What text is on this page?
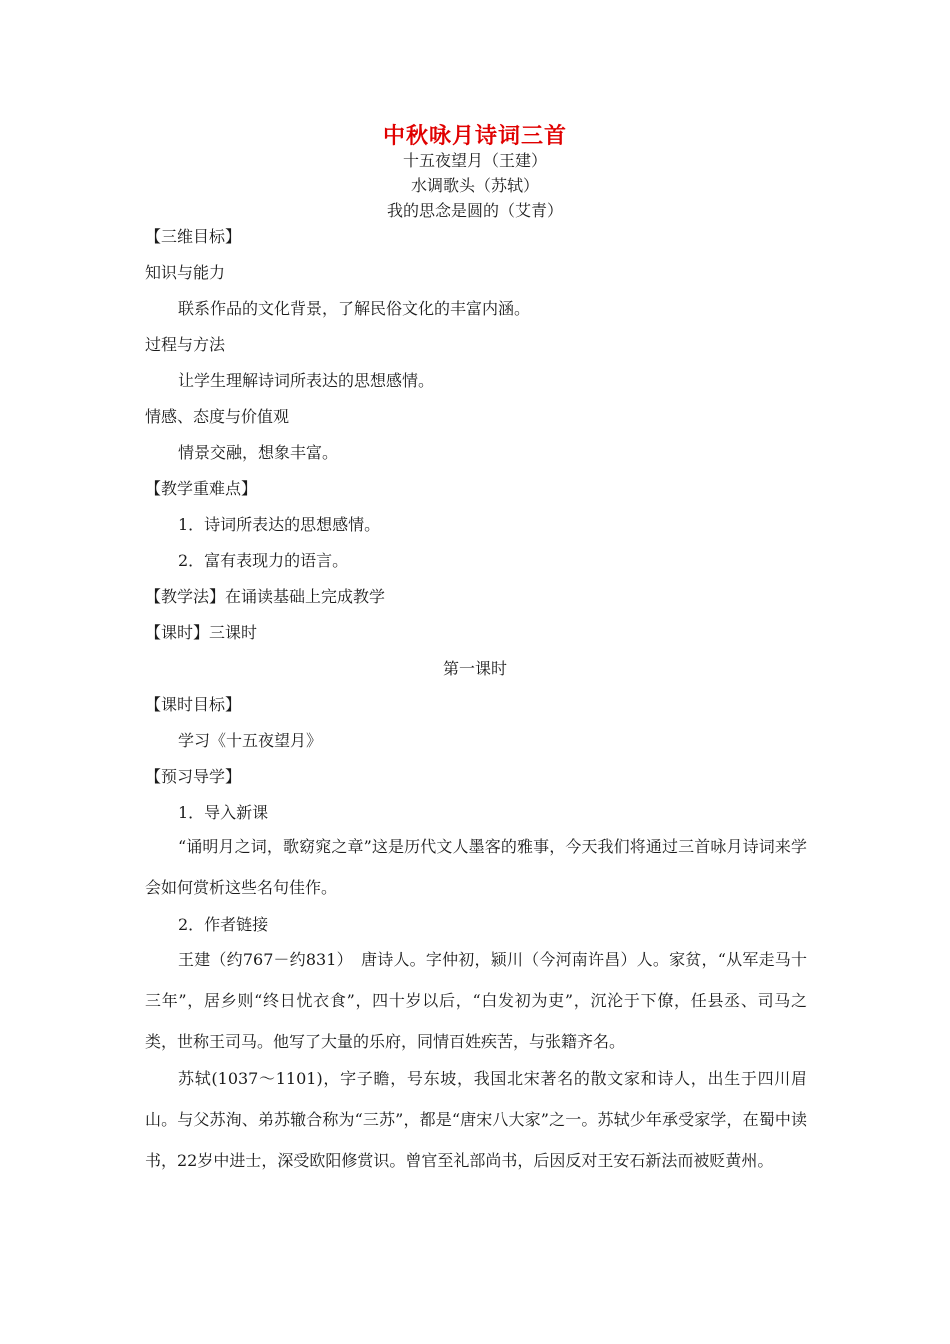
中秋咏月诗词三首
十五夜望月（王建）
水调歌头（苏轼）
我的思念是圆的（艾青）
【三维目标】
知识与能力
联系作品的文化背景，了解民俗文化的丰富内涵。
过程与方法
让学生理解诗词所表达的思想感情。
情感、态度与价值观
情景交融，想象丰富。
【教学重难点】
1．诗词所表达的思想感情。
2．富有表现力的语言。
【教学法】在诵读基础上完成教学
【课时】三课时
第一课时
【课时目标】
学习《十五夜望月》
【预习导学】
1．导入新课
“诵明月之词，歌窈窕之章”这是历代文人墨客的雅事，今天我们将通过三首咏月诗词来学会如何赏析这些名句佳作。
2．作者链接
王建（约767－约831）　唐诗人。字仲初，颍川（今河南许昌）人。家贫，“从军走马十三年”，居乡则“终日忧衣食”，四十岁以后，“白发初为吏”，沉沦于下僚，任县丞、司马之类，世称王司马。他写了大量的乐府，同情百姓疾苦，与张籍齐名。
苏轼(1037～1101)，字子瞻，号东坡，我国北宋著名的散文家和诗人，出生于四川眉山。与父苏洵、弟苏辙合称为“三苏”，都是“唐宋八大家”之一。苏轼少年承受家学，在蜀中读书，22岁中进士，深受欧阳修赏识。曾官至礼部尚书，后因反对王安石新法而被贬黄州。
